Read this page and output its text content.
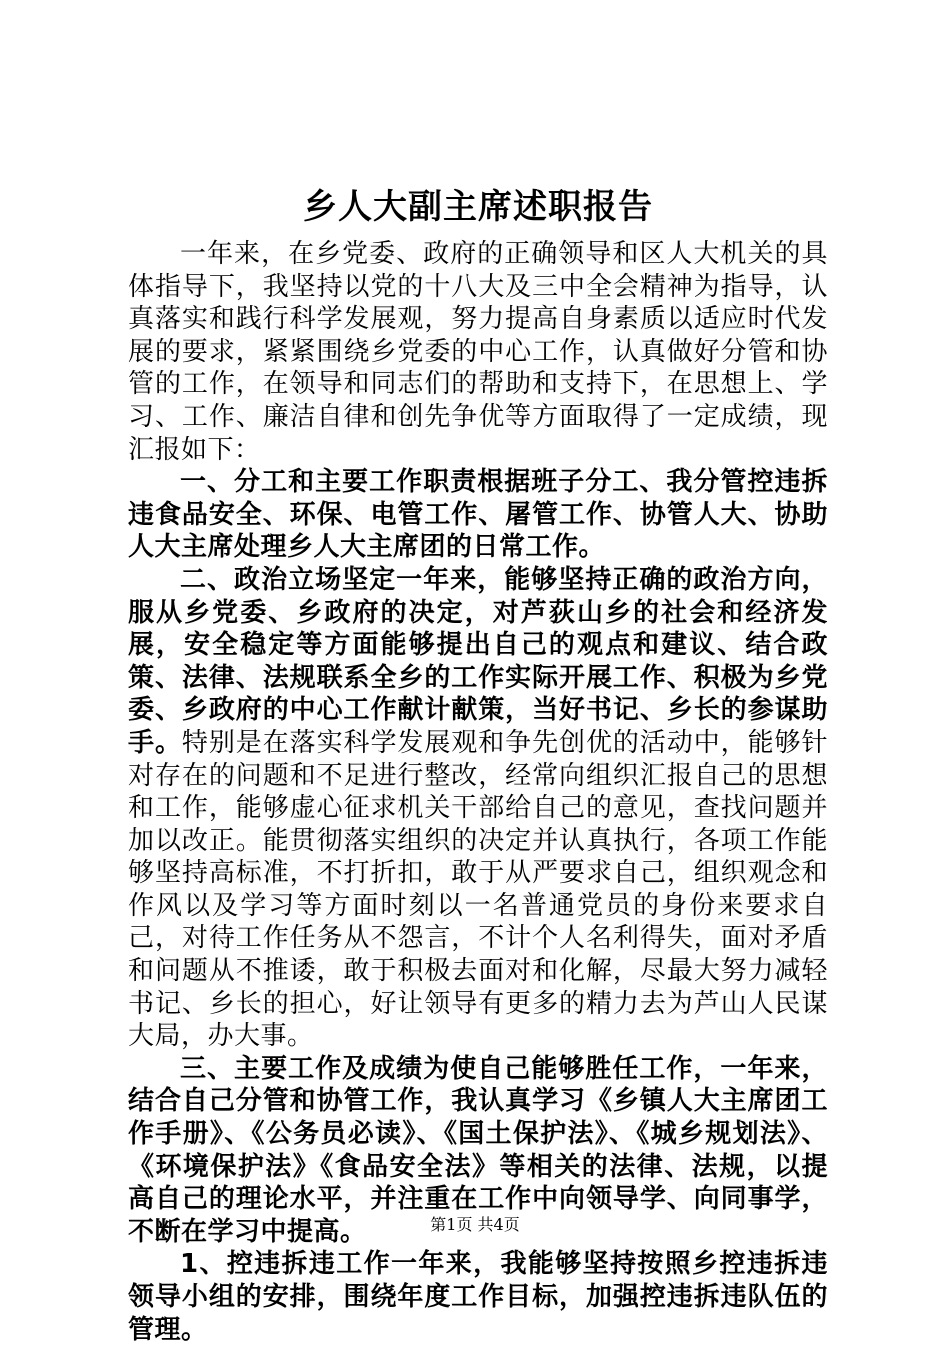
乡人大副主席述职报告

一年来，在乡党委、政府的正确领导和区人大机关的具体指导下，我坚持以党的十八大及三中全会精神为指导，认真落实和践行科学发展观，努力提高自身素质以适应时代发展的要求，紧紧围绕乡党委的中心工作，认真做好分管和协管的工作，在领导和同志们的帮助和支持下，在思想上、学习、工作、廉洁自律和创先争优等方面取得了一定成绩，现汇报如下：

一、分工和主要工作职责根据班子分工、我分管控违拆违食品安全、环保、电管工作、屠管工作、协管人大、协助人大主席处理乡人大主席团的日常工作。

二、政治立场坚定一年来，能够坚持正确的政治方向，服从乡党委、乡政府的决定，对芦荻山乡的社会和经济发展，安全稳定等方面能够提出自己的观点和建议、结合政策、法律、法规联系全乡的工作实际开展工作、积极为乡党委、乡政府的中心工作献计献策，当好书记、乡长的参谋助手。

特别是在落实科学发展观和争先创优的活动中，能够针对存在的问题和不足进行整改，经常向组织汇报自己的思想和工作，能够虚心征求机关干部给自己的意见，查找问题并加以改正。能贯彻落实组织的决定并认真执行，各项工作能够坚持高标准，不打折扣，敢于从严要求自己，组织观念和作风以及学习等方面时刻以一名普通党员的身份来要求自己，对待工作任务从不怨言，不计个人名利得失，面对矛盾和问题从不推诿，敢于积极去面对和化解，尽最大努力减轻书记、乡长的担心，好让领导有更多的精力去为芦山人民谋大局，办大事。

三、主要工作及成绩为使自己能够胜任工作，一年来，结合自己分管和协管工作，我认真学习《乡镇人大主席团工作手册》、《公务员必读》、《国土保护法》、《城乡规划法》、《环境保护法》《食品安全法》等相关的法律、法规，以提高自己的理论水平，并注重在工作中向领导学、向同事学，不断在学习中提高。

1、控违拆违工作一年来，我能够坚持按照乡控违拆违领导小组的安排，围绕年度工作目标，加强控违拆违队伍的管理。

第1页 共4页
